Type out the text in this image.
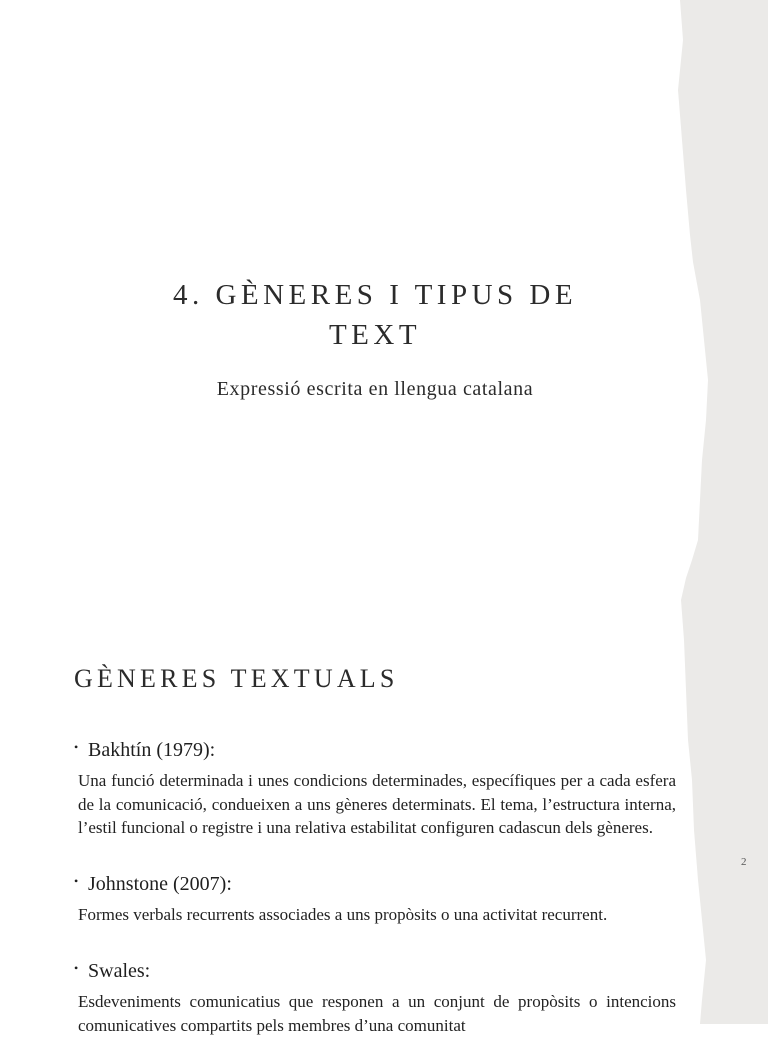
4. GÈNERES I TIPUS DE
TEXT
Expressió escrita en llengua catalana
GÈNERES TEXTUALS
• Bakhtín (1979):
Una funció determinada i unes condicions determinades, específiques per a cada esfera de la comunicació, condueixen a uns gèneres determinats. El tema, l’estructura interna, l’estil funcional o registre i una relativa estabilitat configuren cadascun dels gèneres.
• Johnstone (2007):
Formes verbals recurrents associades a uns propòsits o una activitat recurrent.
• Swales:
Esdeveniments comunicatius que responen a un conjunt de propòsits o intencions comunicatives compartits pels membres d’una comunitat
2
